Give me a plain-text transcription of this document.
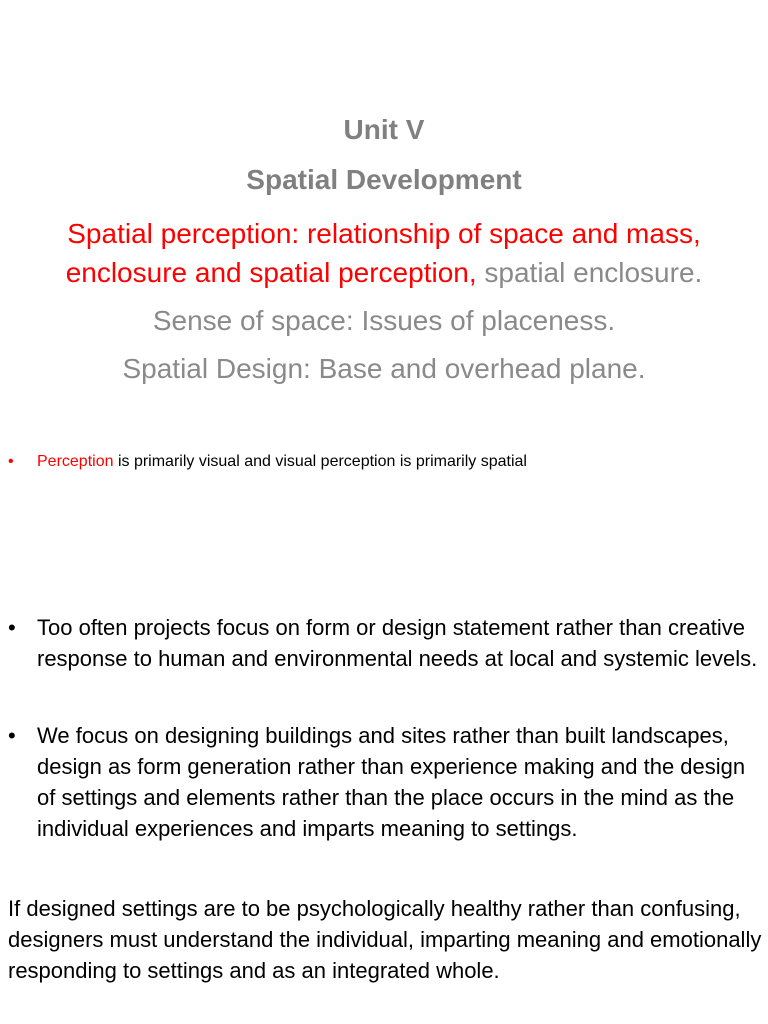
Unit V
Spatial Development
Spatial perception: relationship of space and mass,
enclosure and spatial perception, spatial enclosure.
Sense of space: Issues of placeness.
Spatial Design: Base and overhead plane.
• Perception is primarily visual and visual perception is primarily spatial
• Too often projects focus on form or design statement rather than creative response to human and environmental needs at local and systemic levels.
• We focus on designing buildings and sites rather than built landscapes, design as form generation rather than experience making and the design of settings and elements rather than the place occurs in the mind as the individual experiences and imparts meaning to settings.
If designed settings are to be psychologically healthy rather than confusing, designers must understand the individual, imparting meaning and emotionally responding to settings and as an integrated whole.
